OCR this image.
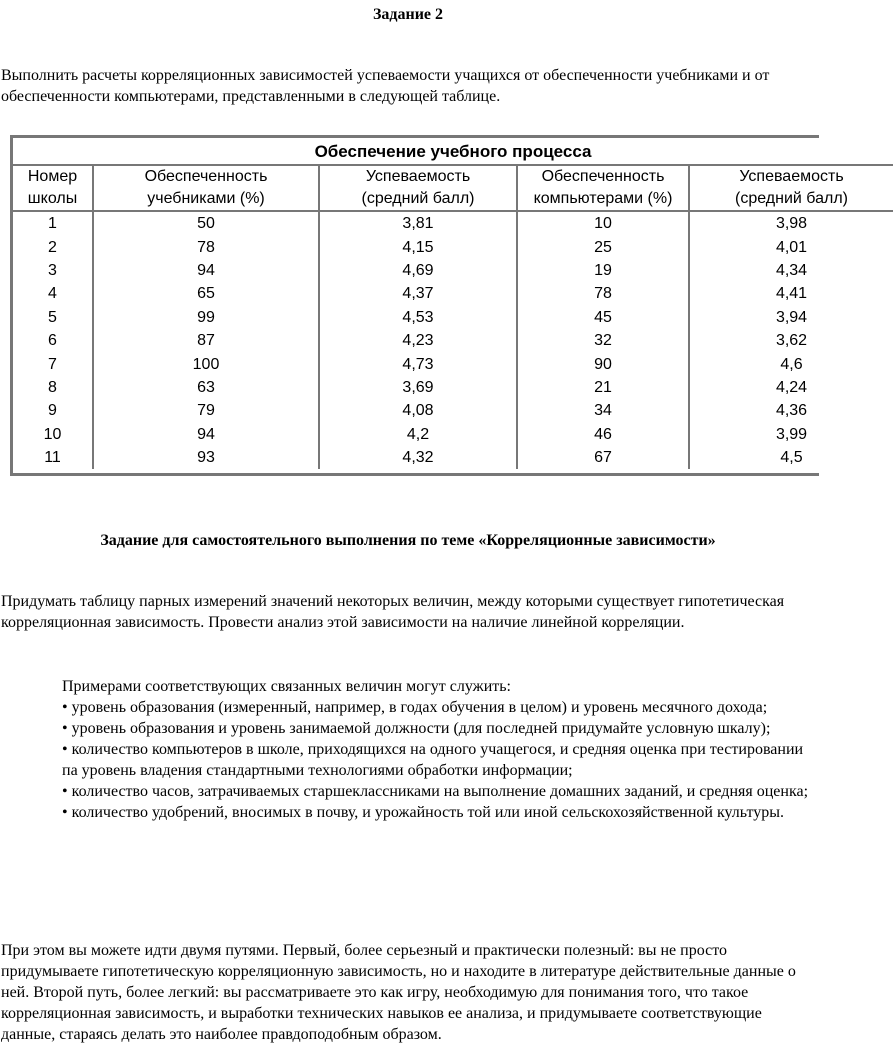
Задание 2

Выполнить расчеты корреляционных зависимостей успеваемости учащихся от обеспеченности учебниками и от обеспеченности компьютерами, представленными в следующей таблице.

Обеспечение учебного процесса				
Номер	Обеспеченность	Успеваемость	Обеспеченность	Успеваемость
школы	учебниками (%)	(средний балл)	компьютерами (%)	(средний балл)
1	50	3,81	10	3,98
2	78	4,15	25	4,01
3	94	4,69	19	4,34
4	65	4,37	78	4,41
5	99	4,53	45	3,94
6	87	4,23	32	3,62
7	100	4,73	90	4,6
8	63	3,69	21	4,24
9	79	4,08	34	4,36
10	94	4,2	46	3,99
11	93	4,32	67	4,5
Задание для самостоятельного выполнения по теме «Корреляционные зависимости»
Придумать таблицу парных измерений значений некоторых величин, между которыми существует гипотетическая корреляционная зависимость. Провести анализ этой зависимости на наличие линейной корреляции.
Примерами соответствующих связанных величин могут служить:
• уровень образования (измеренный, например, в годах обучения в целом) и уровень месячного дохода;
• уровень образования и уровень занимаемой должности (для последней придумайте условную шкалу);
• количество компьютеров в школе, приходящихся на одного учащегося, и средняя оценка при тестировании па уровень владения стандартными технологиями обработки информации;
• количество часов, затрачиваемых старшеклассниками на выполнение домашних заданий, и средняя оценка;
• количество удобрений, вносимых в почву, и урожайность той или иной сельскохозяйственной культуры.
При этом вы можете идти двумя путями. Первый, более серьезный и практически полезный: вы не просто придумываете гипотетическую корреляционную зависимость, но и находите в литературе действительные данные о ней. Второй путь, более легкий: вы рассматриваете это как игру, необходимую для понимания того, что такое корреляционная зависимость, и выработки технических навыков ее анализа, и придумываете соответствующие данные, стараясь делать это наиболее правдоподобным образом.
